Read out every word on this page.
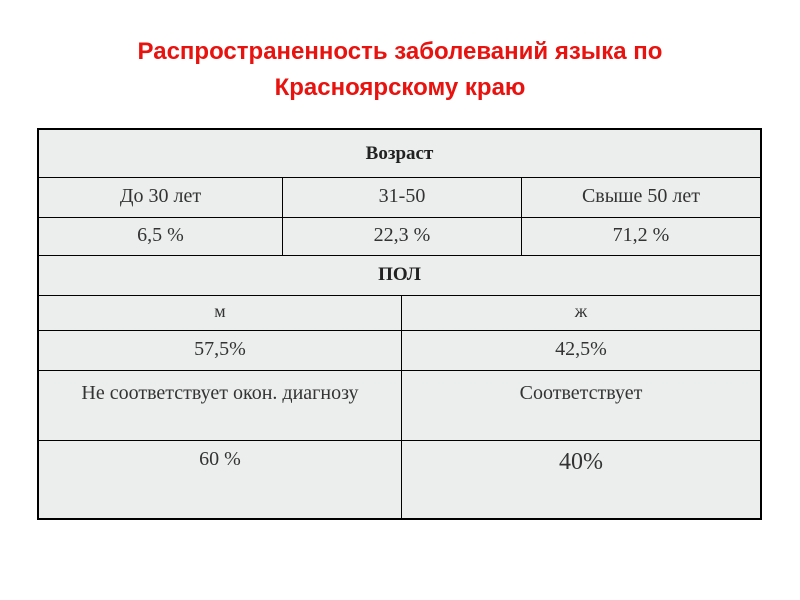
Распространенность заболеваний языка по
Красноярскому краю
Возраст
До 30 лет	31-50	Свыше 50 лет
6,5 %	22,3 %	71,2 %
ПОЛ
м	ж
57,5%	42,5%
Не соответствует окон. диагнозу	Соответствует
60 %	40%
